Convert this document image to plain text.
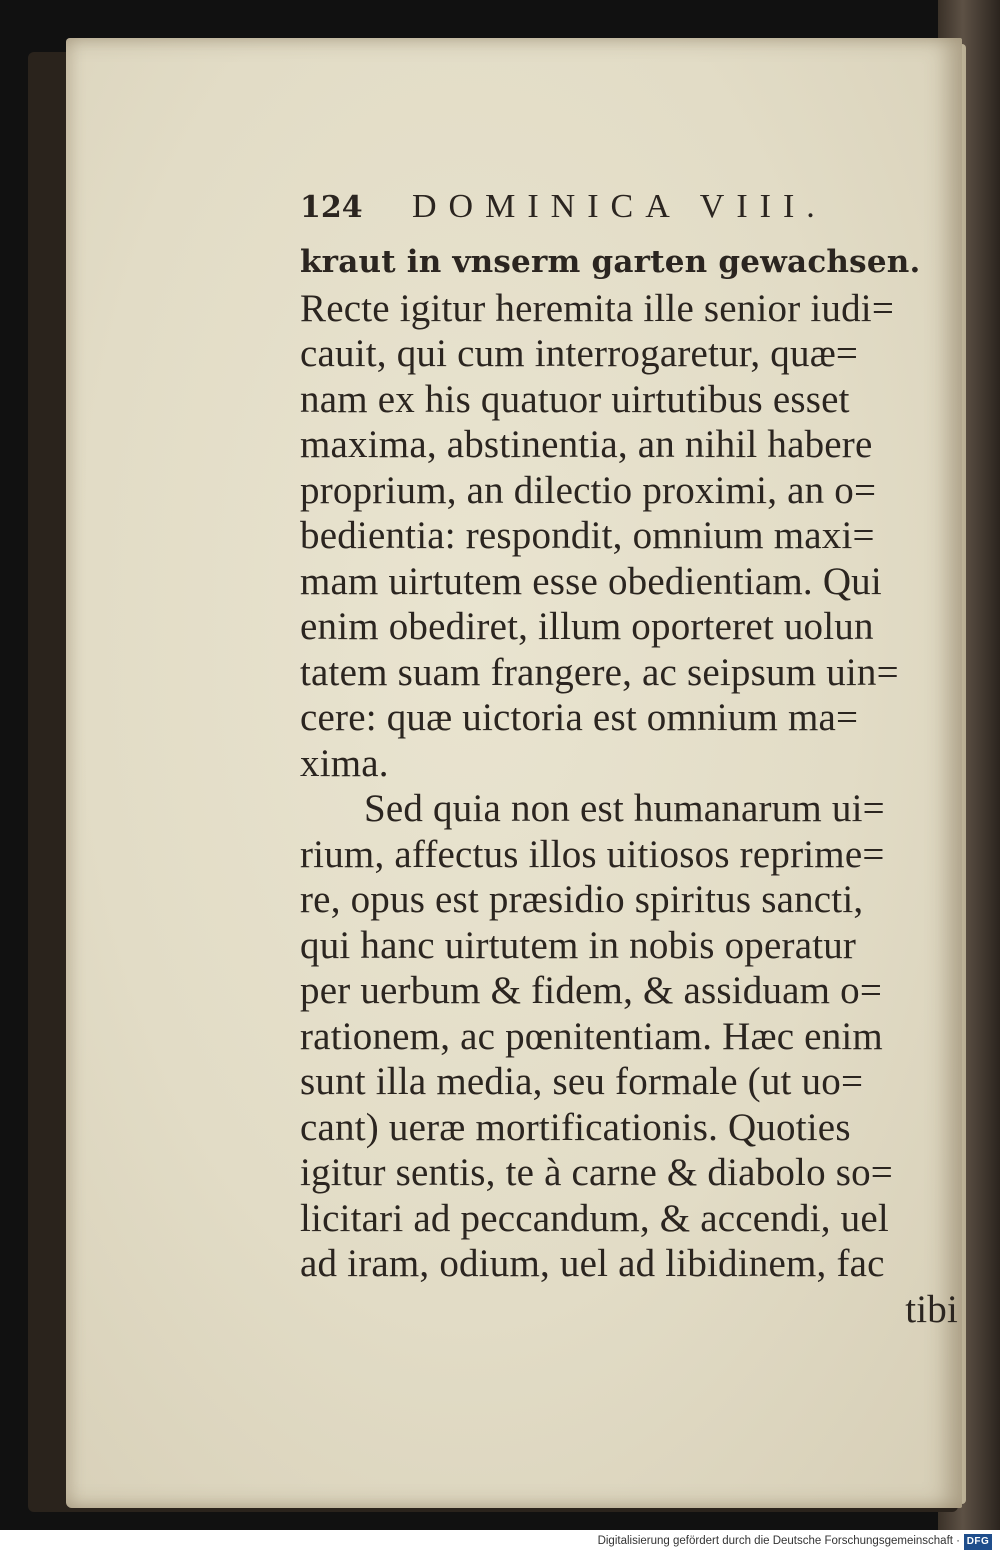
124	DOMINICA VIII.
kraut in vnserm garten gewachsen.
Recte igitur heremita ille senior iudi=
cauit, qui cum interrogaretur, quæ=
nam ex his quatuor uirtutibus esset
maxima, abstinentia, an nihil habere
proprium, an dilectio proximi, an o=
bedientia: respondit, omnium maxi=
mam uirtutem esse obedientiam. Qui
enim obediret, illum oporteret uolun
tatem suam frangere, ac seipsum uin=
cere: quæ uictoria est omnium ma=
xima.
Sed quia non est humanarum ui=
rium, affectus illos uitiosos reprime=
re, opus est præsidio spiritus sancti,
qui hanc uirtutem in nobis operatur
per uerbum & fidem, & assiduam o=
rationem, ac pœnitentiam. Hæc enim
sunt illa media, seu formale (ut uo=
cant) ueræ mortificationis. Quoties
igitur sentis, te à carne & diabolo so=
licitari ad peccandum, & accendi, uel
ad iram, odium, uel ad libidinem, fac
tibi
Digitalisierung gefördert durch die Deutsche Forschungsgemeinschaft · DFG
